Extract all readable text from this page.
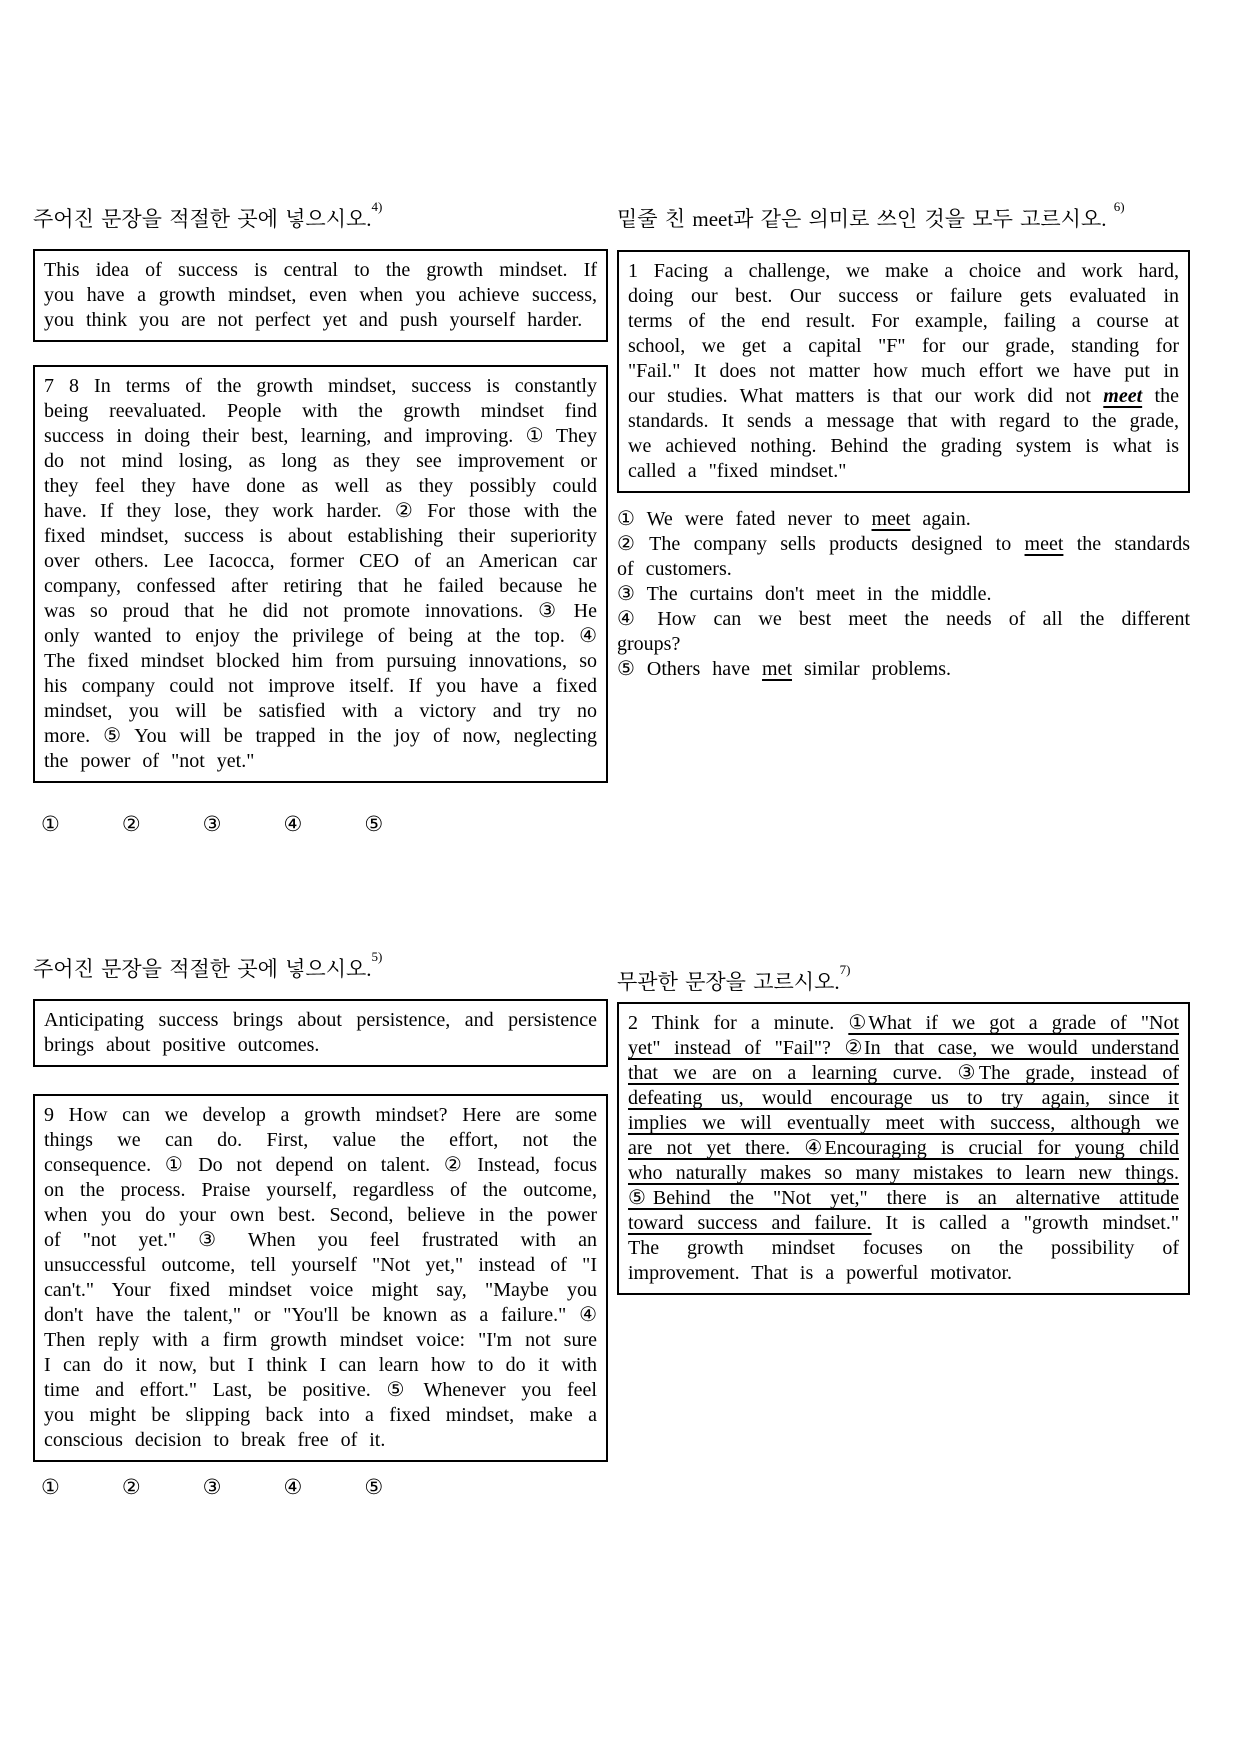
주어진 문장을 적절한 곳에 넣으시오.$^{4)}$

This idea of success is central to the growth mindset. If you have a growth mindset, even when you achieve success, you think you are not perfect yet and push yourself harder.

7 8 In terms of the growth mindset, success is constantly being reevaluated. People with the growth mindset find success in doing their best, learning, and improving. ① They do not mind losing, as long as they see improvement or they feel they have done as well as they possibly could have. If they lose, they work harder. ② For those with the fixed mindset, success is about establishing their superiority over others. Lee Iacocca, former CEO of an American car company, confessed after retiring that he failed because he was so proud that he did not promote innovations. ③ He only wanted to enjoy the privilege of being at the top. ④ The fixed mindset blocked him from pursuing innovations, so his company could not improve itself. If you have a fixed mindset, you will be satisfied with a victory and try no more. ⑤ You will be trapped in the joy of now, neglecting the power of "not yet."

①	②	③	④	⑤
주어진 문장을 적절한 곳에 넣으시오.$^{5)}$

Anticipating success brings about persistence, and persistence brings about positive outcomes.

9 How can we develop a growth mindset? Here are some things we can do. First, value the effort, not the consequence. ① Do not depend on talent. ② Instead, focus on the process. Praise yourself, regardless of the outcome, when you do your own best. Second, believe in the power of "not yet." ③ When you feel frustrated with an unsuccessful outcome, tell yourself "Not yet," instead of "I can't." Your fixed mindset voice might say, "Maybe you don't have the talent," or "You'll be known as a failure." ④ Then reply with a firm growth mindset voice: "I'm not sure I can do it now, but I think I can learn how to do it with time and effort." Last, be positive. ⑤ Whenever you feel you might be slipping back into a fixed mindset, make a conscious decision to break free of it.

①	②	③	④	⑤
밑줄 친 meet과 같은 의미로 쓰인 것을 모두 고르시오. $^{6)}$

1 Facing a challenge, we make a choice and work hard, doing our best. Our success or failure gets evaluated in terms of the end result. For example, failing a course at school, we get a capital "F" for our grade, standing for "Fail." It does not matter how much effort we have put in our studies. What matters is that our work did not meet the standards. It sends a message that with regard to the grade, we achieved nothing. Behind the grading system is what is called a "fixed mindset."

① We were fated never to meet again.

② The company sells products designed to meet the standards of customers.

③ The curtains don't meet in the middle.

④ How can we best meet the needs of all the different groups?

⑤ Others have met similar problems.

무관한 문장을 고르시오.$^{7)}$

2 Think for a minute. ①What if we got a grade of "Not yet" instead of "Fail"? ②In that case, we would understand that we are on a learning curve. ③The grade, instead of defeating us, would encourage us to try again, since it implies we will eventually meet with success, although we are not yet there. ④Encouraging is crucial for young child who naturally makes so many mistakes to learn new things. ⑤Behind the "Not yet," there is an alternative attitude toward success and failure. It is called a "growth mindset." The growth mindset focuses on the possibility of improvement. That is a powerful motivator.
